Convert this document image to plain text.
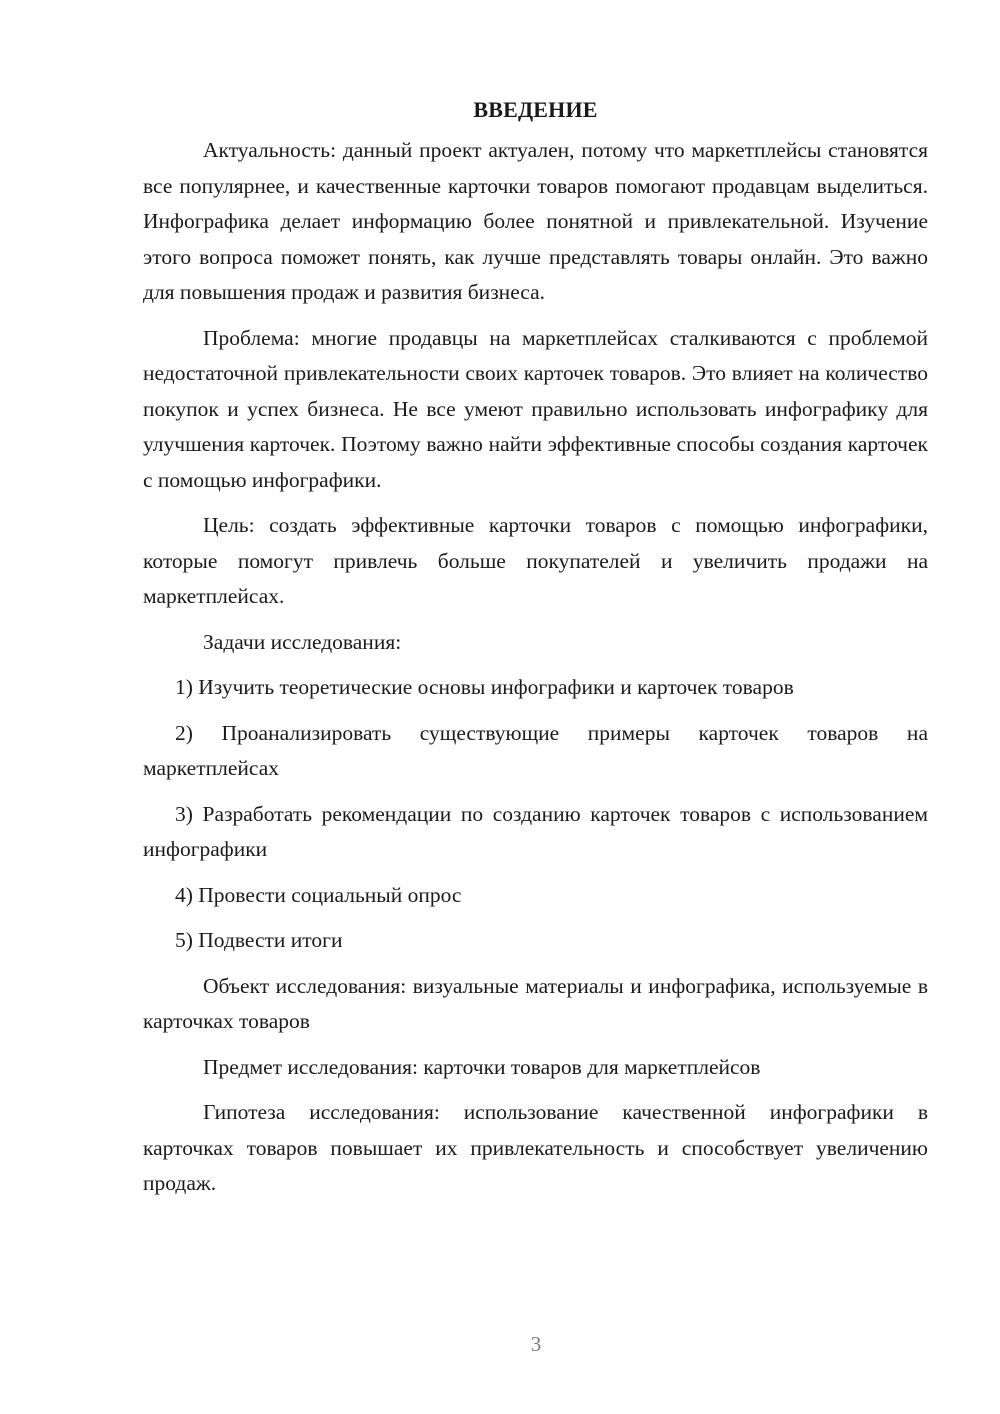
ВВЕДЕНИЕ

Актуальность: данный проект актуален, потому что маркетплейсы становятся все популярнее, и качественные карточки товаров помогают продавцам выделиться. Инфографика делает информацию более понятной и привлекательной. Изучение этого вопроса поможет понять, как лучше представлять товары онлайн. Это важно для повышения продаж и развития бизнеса.

Проблема: многие продавцы на маркетплейсах сталкиваются с проблемой недостаточной привлекательности своих карточек товаров. Это влияет на количество покупок и успех бизнеса. Не все умеют правильно использовать инфографику для улучшения карточек. Поэтому важно найти эффективные способы создания карточек с помощью инфографики.

Цель: создать эффективные карточки товаров с помощью инфографики, которые помогут привлечь больше покупателей и увеличить продажи на маркетплейсах.

Задачи исследования:

1) Изучить теоретические основы инфографики и карточек товаров

2) Проанализировать существующие примеры карточек товаров на маркетплейсах

3) Разработать рекомендации по созданию карточек товаров с использованием инфографики

4) Провести социальный опрос

5) Подвести итоги

Объект исследования: визуальные материалы и инфографика, используемые в карточках товаров

Предмет исследования: карточки товаров для маркетплейсов

Гипотеза исследования: использование качественной инфографики в карточках товаров повышает их привлекательность и способствует увеличению продаж.

3
